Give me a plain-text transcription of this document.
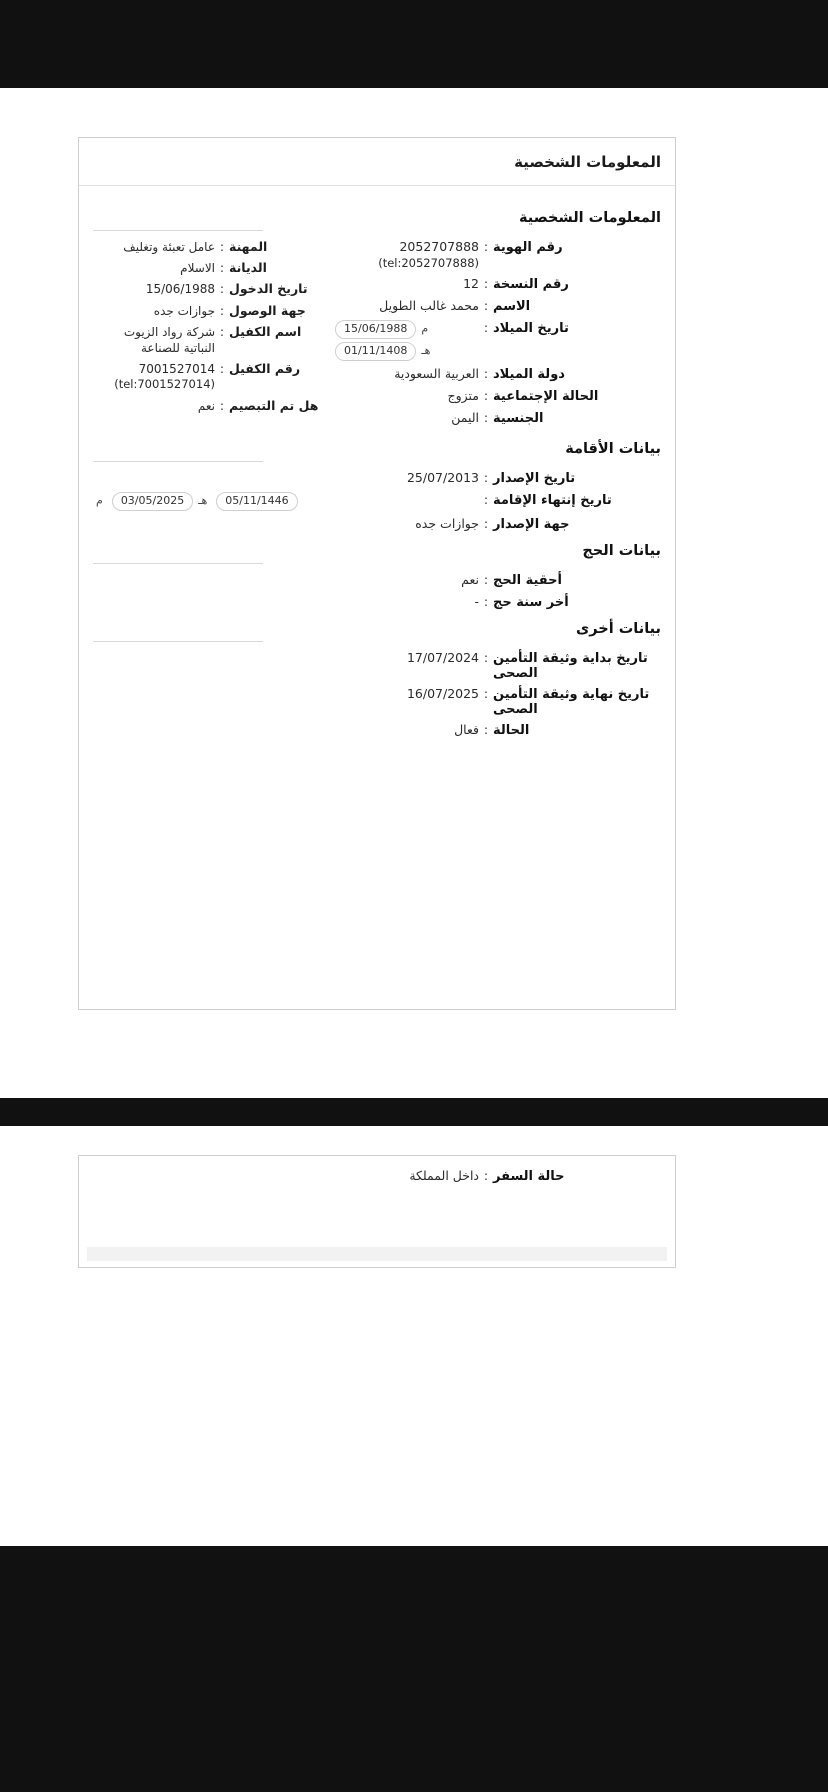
المعلومات الشخصية
المعلومات الشخصية
رقم الهوية
:
2052707888
(tel:2052707888)
رقم النسخة
:
12
الاسم
:
محمد غالب الطويل
تاريخ الميلاد
:
م
15/06/1988
هـ
01/11/1408
دولة الميلاد
:
العربية السعودية
الحالة الإجتماعية
:
متزوج
الجنسية
:
اليمن
المهنة
:
عامل تعبئة وتغليف
الديانة
:
الاسلام
تاريخ الدخول
:
15/06/1988
جهة الوصول
:
جوازات جده
اسم الكفيل
:
شركة رواد الزيوت النباتية للصناعة
رقم الكفيل
:
7001527014
(tel:7001527014)
هل تم التبصيم
:
نعم
بيانات الأقامة
تاريخ الإصدار
:
25/07/2013
تاريخ إنتهاء الإقامة
:
05/11/1446
هـ
03/05/2025
م
جهة الإصدار
:
جوازات جده
بيانات الحج
أحقية الحج
:
نعم
أخر سنة حج
:
-
بيانات أخرى
تاريخ بداية وثيقة التأمين الصحى
:
17/07/2024
تاريخ نهاية وثيقة التأمين الصحى
:
16/07/2025
الحالة
:
فعال
حالة السفر
:
داخل المملكة
